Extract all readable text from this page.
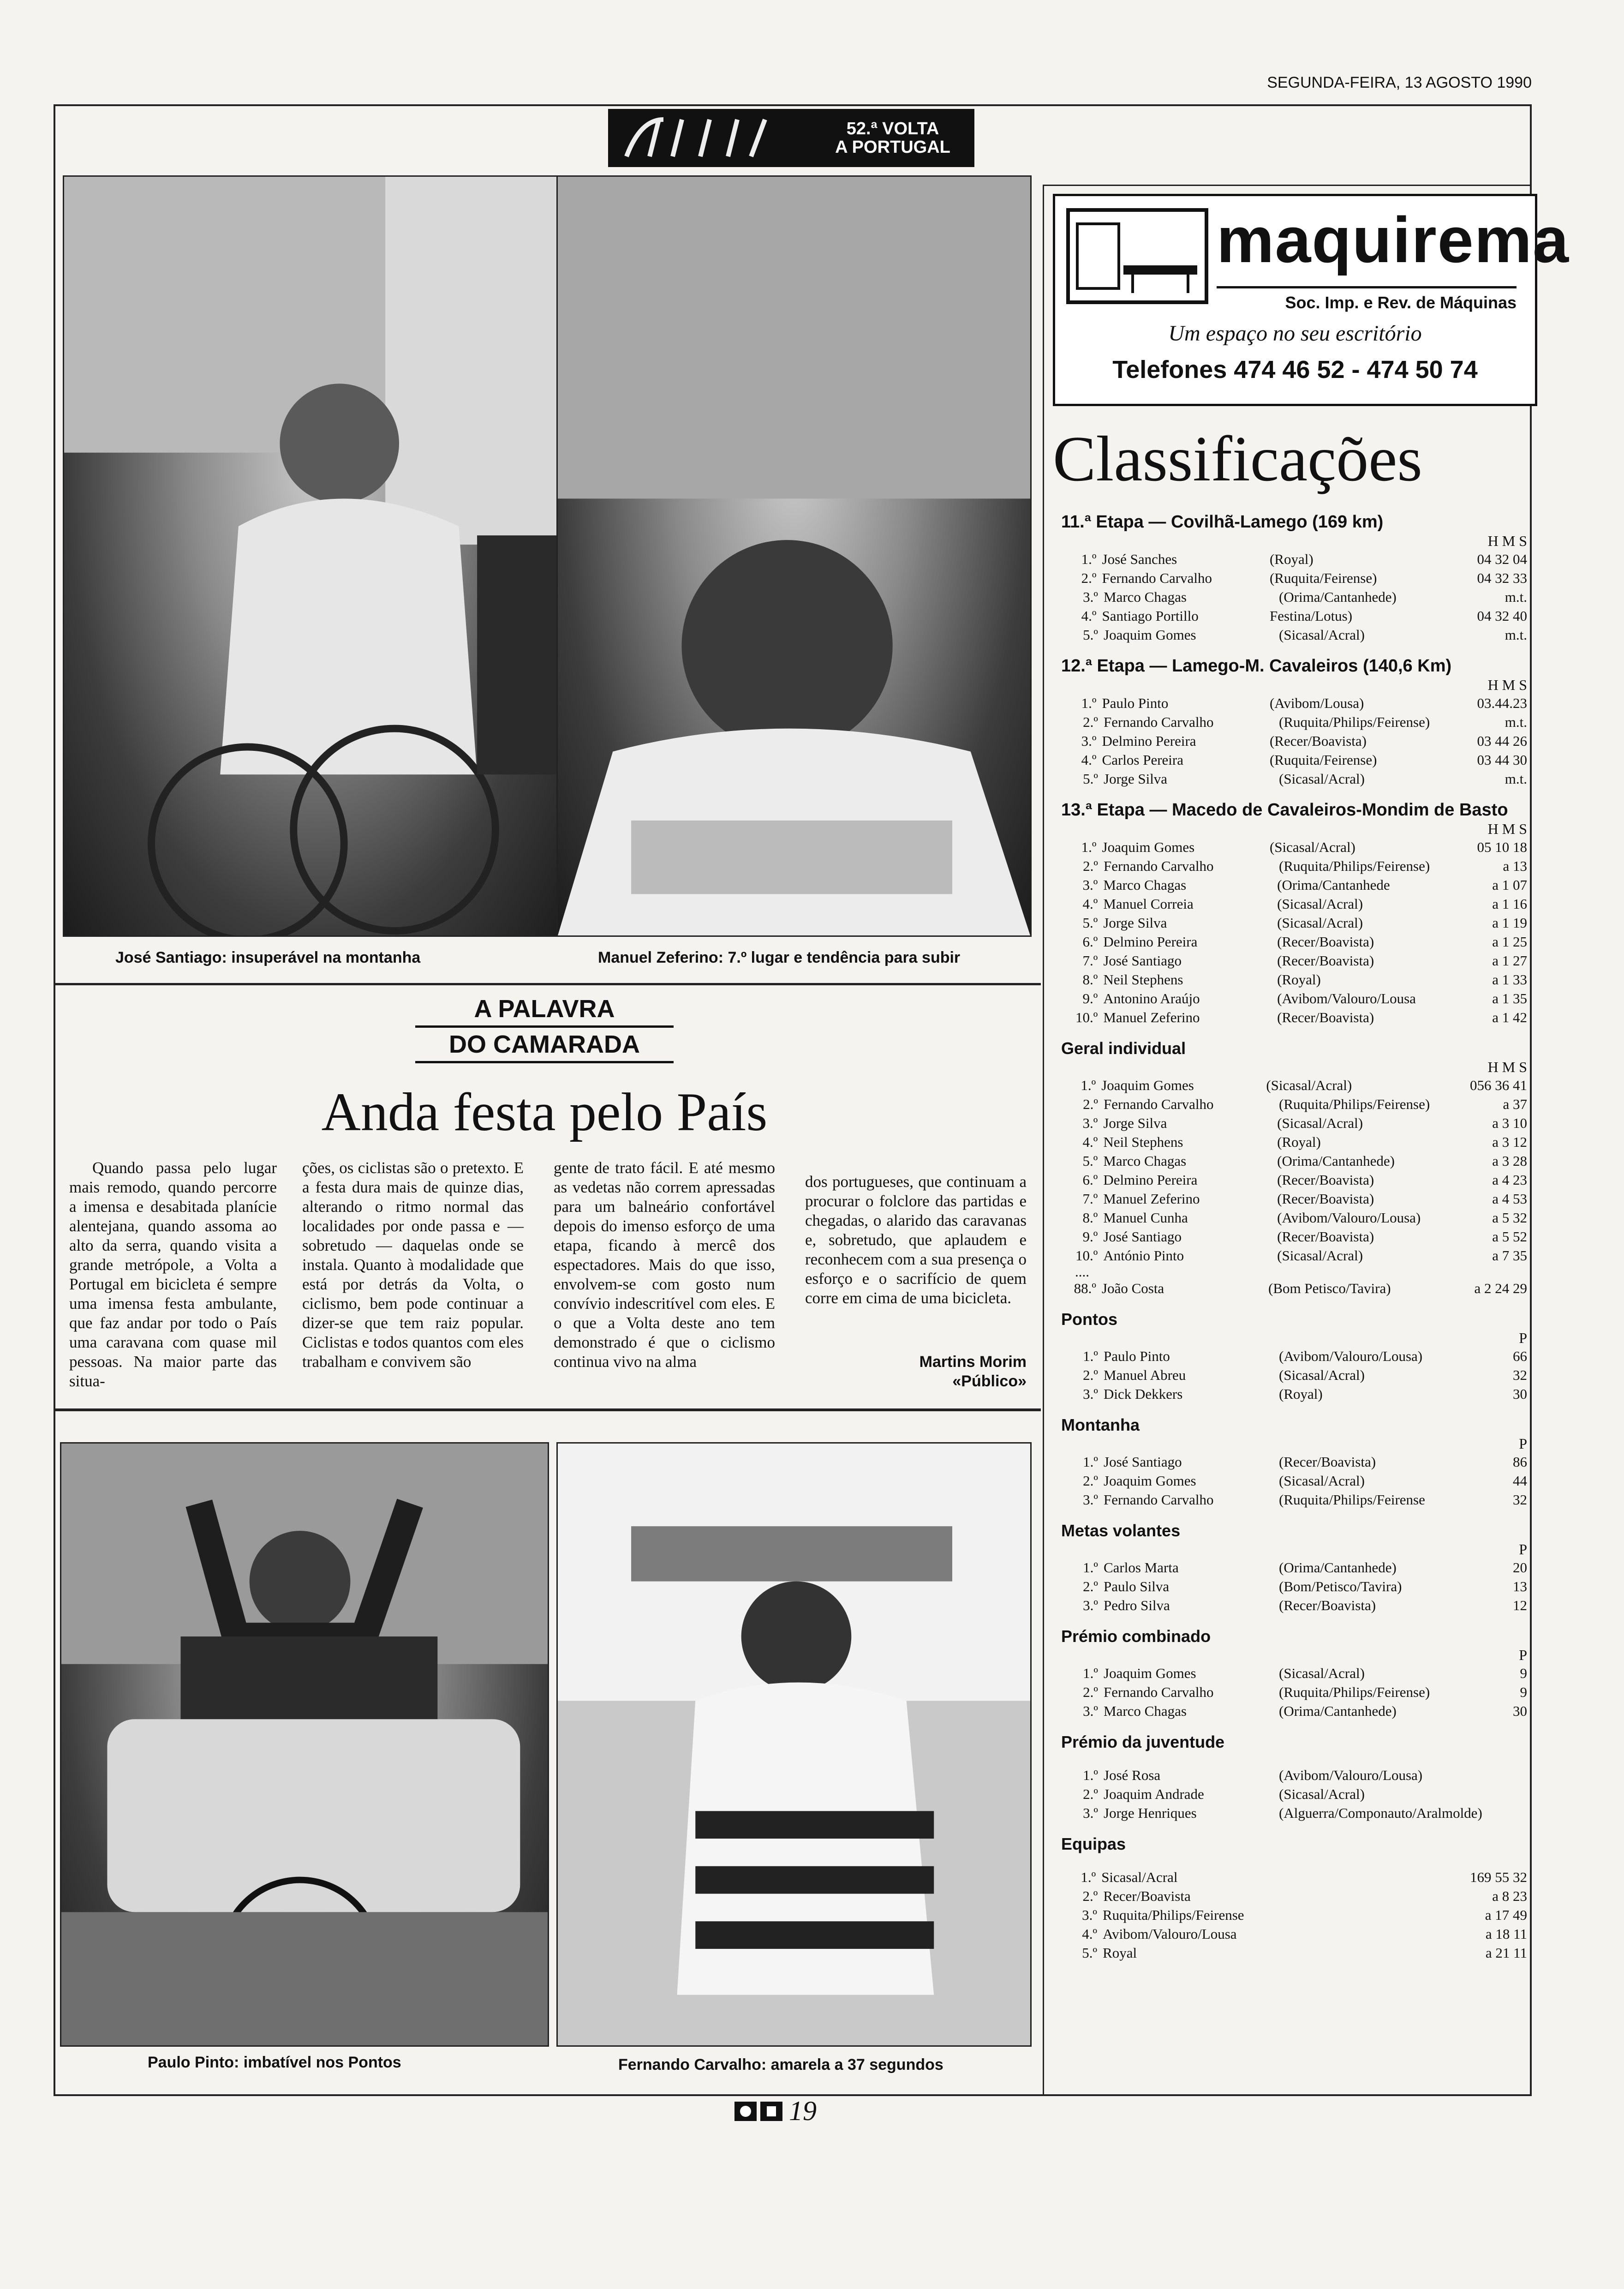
SEGUNDA-FEIRA, 13 AGOSTO 1990
52.ª VOLTA
A PORTUGAL
José Santiago: insuperável na montanha	Manuel Zeferino: 7.º lugar e tendência para subir
A PALAVRA
DO CAMARADA
Anda festa pelo País

Quando passa pelo lugar mais remodo, quando percorre a imensa e desabitada planície alentejana, quando assoma ao alto da serra, quando visita a grande metrópole, a Volta a Portugal em bicicleta é sempre uma imensa festa ambulante, que faz andar por todo o País uma caravana com quase mil pessoas. Na maior parte das situa-

ções, os ciclistas são o pretexto. E a festa dura mais de quinze dias, alterando o ritmo normal das localidades por onde passa e — sobretudo — daquelas onde se instala. Quanto à modalidade que está por detrás da Volta, o ciclismo, bem pode continuar a dizer-se que tem raiz popular. Ciclistas e todos quantos com eles trabalham e convivem são

gente de trato fácil. E até mesmo as vedetas não correm apressadas para um balneário confortável depois do imenso esforço de uma etapa, ficando à mercê dos espectadores. Mais do que isso, envolvem-se com gosto num convívio indescritível com eles. E o que a Volta deste ano tem demonstrado é que o ciclismo continua vivo na alma

dos portugueses, que continuam a procurar o folclore das partidas e chegadas, o alarido das caravanas e, sobretudo, que aplaudem e reconhecem com a sua presença o esforço e o sacrifício de quem corre em cima de uma bicicleta.

Martins Morim
«Público»
Paulo Pinto: imbatível nos Pontos	Fernando Carvalho: amarela a 37 segundos
maquirema
Soc. Imp. e Rev. de Máquinas
Um espaço no seu escritório
Telefones 474 46 52 - 474 50 74
Classificações
11.ª Etapa — Covilhã-Lamego (169 km)
H M S
1.º José Sanches	(Royal)	04 32 04
2.º Fernando Carvalho	(Ruquita/Feirense)	04 32 33
3.º Marco Chagas	(Orima/Cantanhede)	m.t.
4.º Santiago Portillo	Festina/Lotus)	04 32 40
5.º Joaquim Gomes	(Sicasal/Acral)	m.t.
12.ª Etapa — Lamego-M. Cavaleiros (140,6 Km)
H M S
1.º Paulo Pinto	(Avibom/Lousa)	03.44.23
2.º Fernando Carvalho	(Ruquita/Philips/Feirense)	m.t.
3.º Delmino Pereira	(Recer/Boavista)	03 44 26
4.º Carlos Pereira	(Ruquita/Feirense)	03 44 30
5.º Jorge Silva	(Sicasal/Acral)	m.t.
13.ª Etapa — Macedo de Cavaleiros-Mondim de Basto
H M S
1.º Joaquim Gomes	(Sicasal/Acral)	05 10 18
2.º Fernando Carvalho	(Ruquita/Philips/Feirense)	a 13
3.º Marco Chagas	(Orima/Cantanhede	a 1 07
4.º Manuel Correia	(Sicasal/Acral)	a 1 16
5.º Jorge Silva	(Sicasal/Acral)	a 1 19
6.º Delmino Pereira	(Recer/Boavista)	a 1 25
7.º José Santiago	(Recer/Boavista)	a 1 27
8.º Neil Stephens	(Royal)	a 1 33
9.º Antonino Araújo	(Avibom/Valouro/Lousa	a 1 35
10.º Manuel Zeferino	(Recer/Boavista)	a 1 42
Geral individual
H M S
1.º Joaquim Gomes	(Sicasal/Acral)	056 36 41
2.º Fernando Carvalho	(Ruquita/Philips/Feirense)	a 37
3.º Jorge Silva	(Sicasal/Acral)	a 3 10
4.º Neil Stephens	(Royal)	a 3 12
5.º Marco Chagas	(Orima/Cantanhede)	a 3 28
6.º Delmino Pereira	(Recer/Boavista)	a 4 23
7.º Manuel Zeferino	(Recer/Boavista)	a 4 53
8.º Manuel Cunha	(Avibom/Valouro/Lousa)	a 5 32
9.º José Santiago	(Recer/Boavista)	a 5 52
10.º António Pinto	(Sicasal/Acral)	a 7 35
....
88.º João Costa	(Bom Petisco/Tavira)	a 2 24 29
Pontos
P
1.º Paulo Pinto	(Avibom/Valouro/Lousa)	66
2.º Manuel Abreu	(Sicasal/Acral)	32
3.º Dick Dekkers	(Royal)	30
Montanha
P
1.º José Santiago	(Recer/Boavista)	86
2.º Joaquim Gomes	(Sicasal/Acral)	44
3.º Fernando Carvalho	(Ruquita/Philips/Feirense	32
Metas volantes
P
1.º Carlos Marta	(Orima/Cantanhede)	20
2.º Paulo Silva	(Bom/Petisco/Tavira)	13
3.º Pedro Silva	(Recer/Boavista)	12
Prémio combinado
P
1.º Joaquim Gomes	(Sicasal/Acral)	9
2.º Fernando Carvalho	(Ruquita/Philips/Feirense)	9
3.º Marco Chagas	(Orima/Cantanhede)	30
Prémio da juventude
1.º José Rosa	(Avibom/Valouro/Lousa)
2.º Joaquim Andrade	(Sicasal/Acral)
3.º Jorge Henriques	(Alguerra/Componauto/Aralmolde)
Equipas
1.º Sicasal/Acral	169 55 32
2.º Recer/Boavista	a 8 23
3.º Ruquita/Philips/Feirense	a 17 49
4.º Avibom/Valouro/Lousa	a 18 11
5.º Royal	a 21 11
19
